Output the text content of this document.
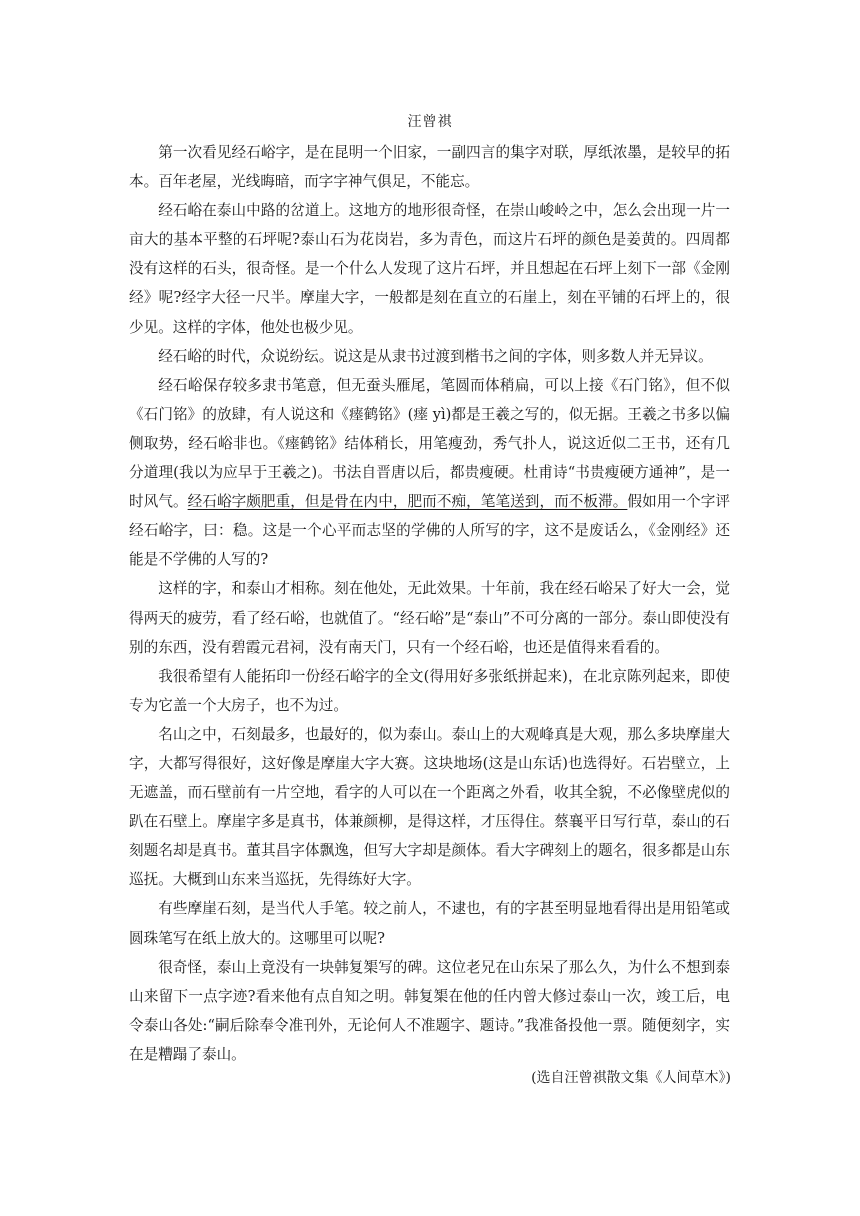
汪曾祺

第一次看见经石峪字，是在昆明一个旧家，一副四言的集字对联，厚纸浓墨，是较早的拓本。百年老屋，光线晦暗，而字字神气俱足，不能忘。

经石峪在泰山中路的岔道上。这地方的地形很奇怪，在崇山峻岭之中，怎么会出现一片一亩大的基本平整的石坪呢?泰山石为花岗岩，多为青色，而这片石坪的颜色是姜黄的。四周都没有这样的石头，很奇怪。是一个什么人发现了这片石坪，并且想起在石坪上刻下一部《金刚经》呢?经字大径一尺半。摩崖大字，一般都是刻在直立的石崖上，刻在平铺的石坪上的，很少见。这样的字体，他处也极少见。

经石峪的时代，众说纷纭。说这是从隶书过渡到楷书之间的字体，则多数人并无异议。

经石峪保存较多隶书笔意，但无蚕头雁尾，笔圆而体稍扁，可以上接《石门铭》，但不似《石门铭》的放肆，有人说这和《瘗鹤铭》(瘗 yì)都是王羲之写的，似无据。王羲之书多以偏侧取势，经石峪非也。《瘗鹤铭》结体稍长，用笔瘦劲，秀气扑人，说这近似二王书，还有几分道理(我以为应早于王羲之)。书法自晋唐以后，都贵瘦硬。杜甫诗“书贵瘦硬方通神”，是一时风气。经石峪字颇肥重，但是骨在内中，肥而不痴，笔笔送到，而不板滞。假如用一个字评经石峪字，曰：稳。这是一个心平而志坚的学佛的人所写的字，这不是废话么，《金刚经》还能是不学佛的人写的?

这样的字，和泰山才相称。刻在他处，无此效果。十年前，我在经石峪呆了好大一会，觉得两天的疲劳，看了经石峪，也就值了。“经石峪”是“泰山”不可分离的一部分。泰山即使没有别的东西，没有碧霞元君祠，没有南天门，只有一个经石峪，也还是值得来看看的。

我很希望有人能拓印一份经石峪字的全文(得用好多张纸拼起来)，在北京陈列起来，即使专为它盖一个大房子，也不为过。

名山之中，石刻最多，也最好的，似为泰山。泰山上的大观峰真是大观，那么多块摩崖大字，大都写得很好，这好像是摩崖大字大赛。这块地场(这是山东话)也选得好。石岩壁立，上无遮盖，而石壁前有一片空地，看字的人可以在一个距离之外看，收其全貌，不必像壁虎似的趴在石壁上。摩崖字多是真书，体兼颜柳，是得这样，才压得住。蔡襄平日写行草，泰山的石刻题名却是真书。董其昌字体飘逸，但写大字却是颜体。看大字碑刻上的题名，很多都是山东巡抚。大概到山东来当巡抚，先得练好大字。

有些摩崖石刻，是当代人手笔。较之前人，不逮也，有的字甚至明显地看得出是用铅笔或圆珠笔写在纸上放大的。这哪里可以呢?

很奇怪，泰山上竟没有一块韩复榘写的碑。这位老兄在山东呆了那么久，为什么不想到泰山来留下一点字迹?看来他有点自知之明。韩复榘在他的任内曾大修过泰山一次，竣工后，电令泰山各处:“嗣后除奉令准刊外，无论何人不准题字、题诗。”我准备投他一票。随便刻字，实在是糟蹋了泰山。

(选自汪曾祺散文集《人间草木》)
